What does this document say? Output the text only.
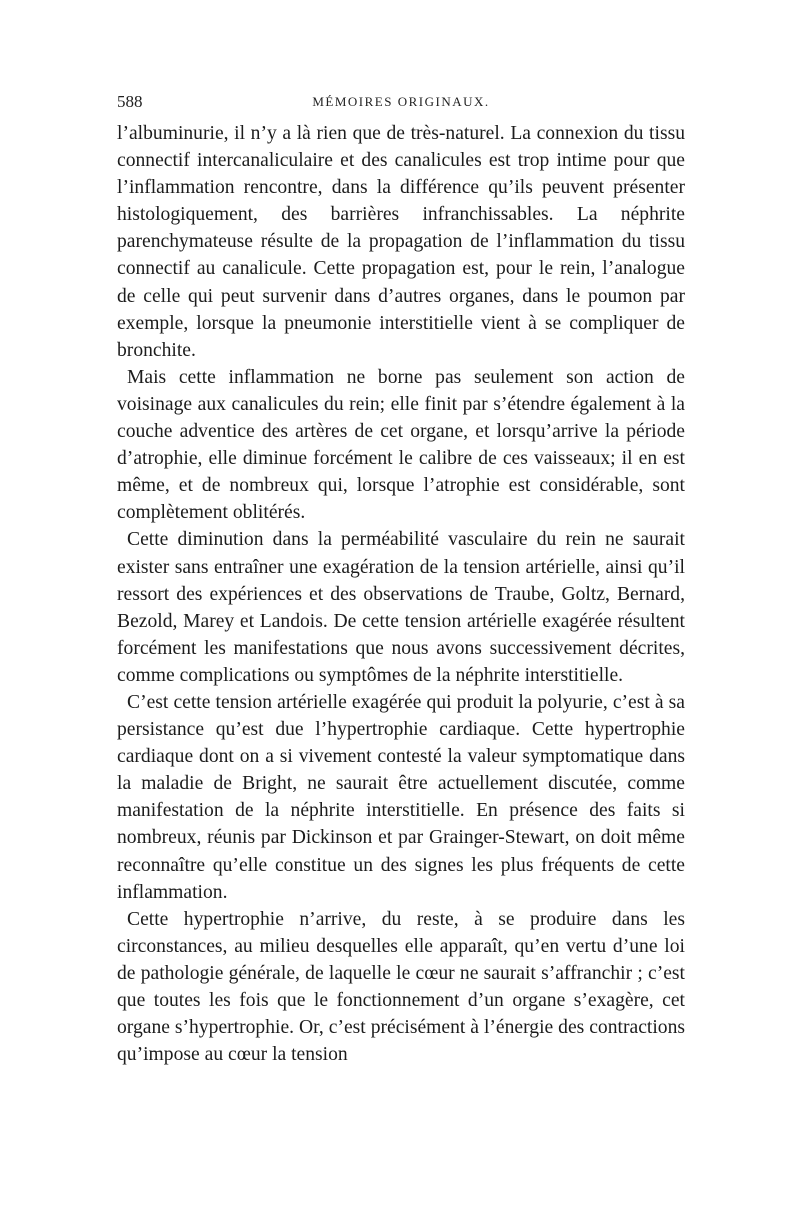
588	MÉMOIRES ORIGINAUX.

l’albuminurie, il n’y a là rien que de très-naturel. La connexion du tissu connectif intercanaliculaire et des canalicules est trop intime pour que l’inflammation rencontre, dans la différence qu’ils peuvent présenter histologiquement, des barrières infranchissables. La néphrite parenchymateuse résulte de la propagation de l’inflammation du tissu connectif au canalicule. Cette propagation est, pour le rein, l’analogue de celle qui peut survenir dans d’autres organes, dans le poumon par exemple, lorsque la pneumonie interstitielle vient à se compliquer de bronchite.

Mais cette inflammation ne borne pas seulement son action de voisinage aux canalicules du rein; elle finit par s’étendre également à la couche adventice des artères de cet organe, et lorsqu’arrive la période d’atrophie, elle diminue forcément le calibre de ces vaisseaux; il en est même, et de nombreux qui, lorsque l’atrophie est considérable, sont complètement oblitérés.

Cette diminution dans la perméabilité vasculaire du rein ne saurait exister sans entraîner une exagération de la tension artérielle, ainsi qu’il ressort des expériences et des observations de Traube, Goltz, Bernard, Bezold, Marey et Landois. De cette tension artérielle exagérée résultent forcément les manifestations que nous avons successivement décrites, comme complications ou symptômes de la néphrite interstitielle.

C’est cette tension artérielle exagérée qui produit la polyurie, c’est à sa persistance qu’est due l’hypertrophie cardiaque. Cette hypertrophie cardiaque dont on a si vivement contesté la valeur symptomatique dans la maladie de Bright, ne saurait être actuellement discutée, comme manifestation de la néphrite interstitielle. En présence des faits si nombreux, réunis par Dickinson et par Grainger-Stewart, on doit même reconnaître qu’elle constitue un des signes les plus fréquents de cette inflammation.

Cette hypertrophie n’arrive, du reste, à se produire dans les circonstances, au milieu desquelles elle apparaît, qu’en vertu d’une loi de pathologie générale, de laquelle le cœur ne saurait s’affranchir ; c’est que toutes les fois que le fonctionnement d’un organe s’exagère, cet organe s’hypertrophie. Or, c’est précisément à l’énergie des contractions qu’impose au cœur la tension
